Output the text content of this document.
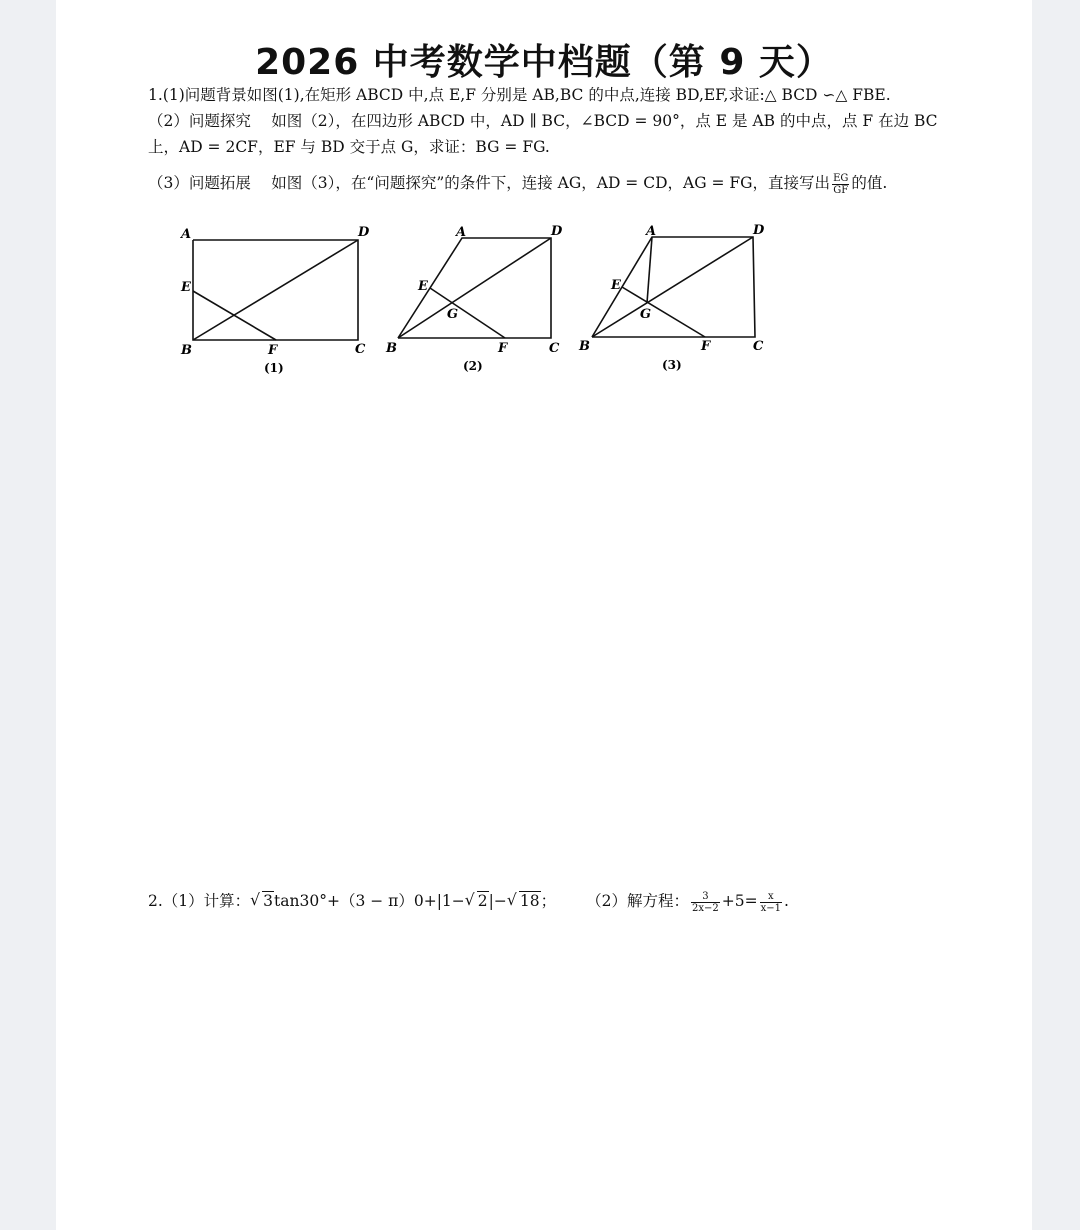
2026 中考数学中档题（第 9 天）
1.(1)问题背景如图(1),在矩形 ABCD 中,点 E,F 分别是 AB,BC 的中点,连接 BD,EF,求证:△ BCD ∽△ FBE.
（2）问题探究　 如图（2），在四边形 ABCD 中，AD ∥ BC，∠BCD = 90°，点 E 是 AB 的中点，点 F 在边 BC
上，AD = 2CF，EF 与 BD 交于点 G，求证：BG = FG.
（3）问题拓展　 如图（3），在“问题探究”的条件下，连接 AG，AD = CD，AG = FG，直接写出 $\frac{EG}{GF}$ 的值.
2.（1）计算： √ 3tan30°+（3 − π）0+|1− √ 2|− √ 18； （2）解方程： $\frac{3}{2x-2} +5= \frac{x}{x-1}$ .
A
B	C
D
E
F
(1)
A
B	C
D
E
F
G
(2)
A
B	C
D
E
F
G
(3)
